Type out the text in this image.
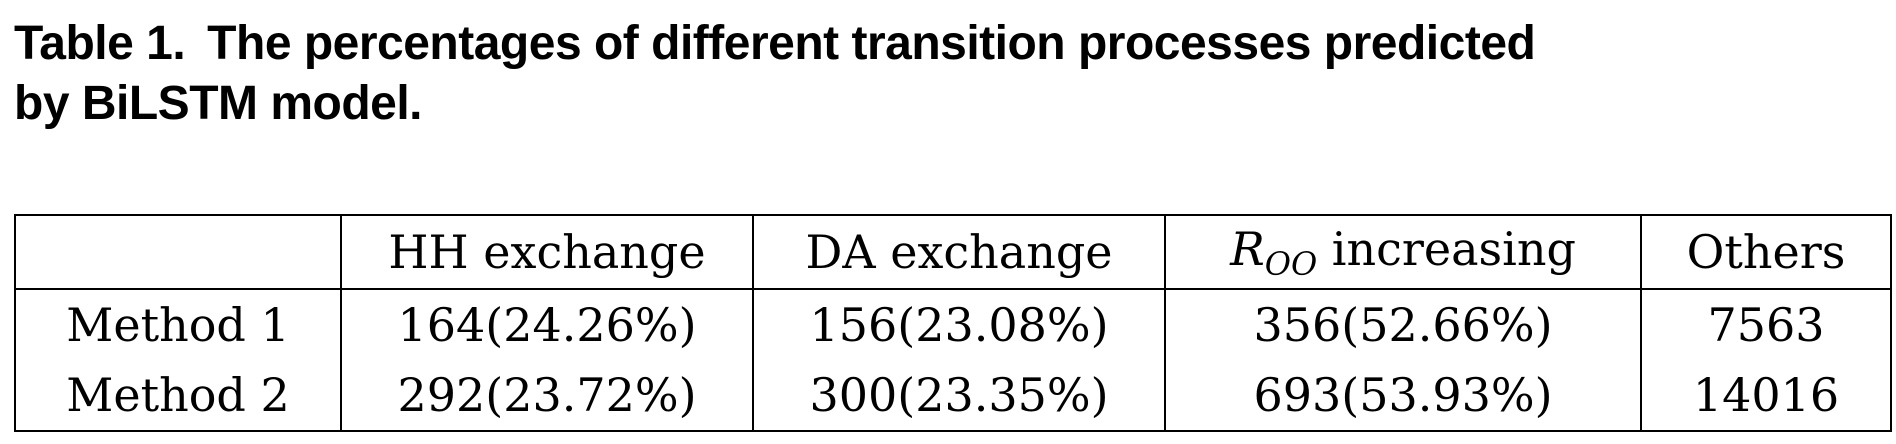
Table 1. The percentages of different transition processes predicted
by BiLSTM model.
	HH exchange	DA exchange	$R_{OO}$ increasing	Others
Method 1	164(24.26%)	156(23.08%)	356(52.66%)	7563
Method 2	292(23.72%)	300(23.35%)	693(53.93%)	14016
